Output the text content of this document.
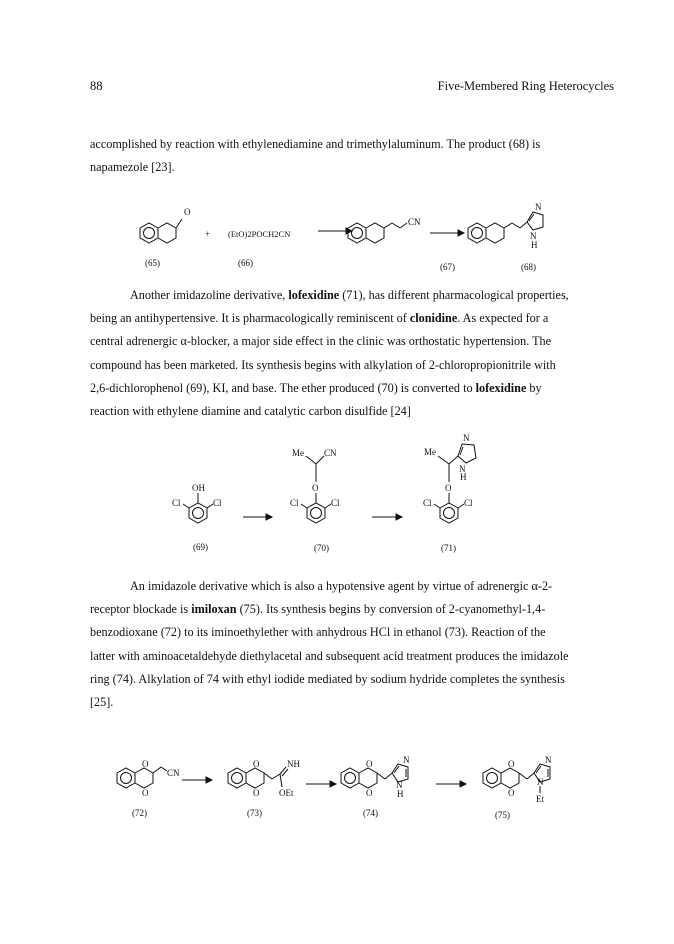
88	Five-Membered Ring Heterocycles

accomplished by reaction with ethylenediamine and trimethylaluminum. The product (68) is

napamezole [23].

O
+ (EtO)2POCH2CN
CN
N
N
H
(65)	(66)	(67)	(68)

Another imidazoline derivative, lofexidine (71), has different pharmacological properties,

being an antihypertensive. It is pharmacologically reminiscent of clonidine. As expected for a

central adrenergic α-blocker, a major side effect in the clinic was orthostatic hypertension. The

compound has been marketed. Its synthesis begins with alkylation of 2-chloropropionitrile with

2,6-dichlorophenol (69), KI, and base. The ether produced (70) is converted to lofexidine by

reaction with ethylene diamine and catalytic carbon disulfide [24]

OH
Cl	Cl
Me CN
O
Cl	Cl
Me
N
N
H
O
Cl	Cl
(69)	(70)	(71)

An imidazole derivative which is also a hypotensive agent by virtue of adrenergic α-2-

receptor blockade is imiloxan (75). Its synthesis begins by conversion of 2-cyanomethyl-1,4-

benzodioxane (72) to its iminoethylether with anhydrous HCl in ethanol (73). Reaction of the

latter with aminoacetaldehyde diethylacetal and subsequent acid treatment produces the imidazole

ring (74). Alkylation of 74 with ethyl iodide mediated by sodium hydride completes the synthesis

[25].

O
O
CN
O
O
NH
OEt
O
O
N
N
H
O
O
N
N
Et
(72)	(73)	(74)	(75)
